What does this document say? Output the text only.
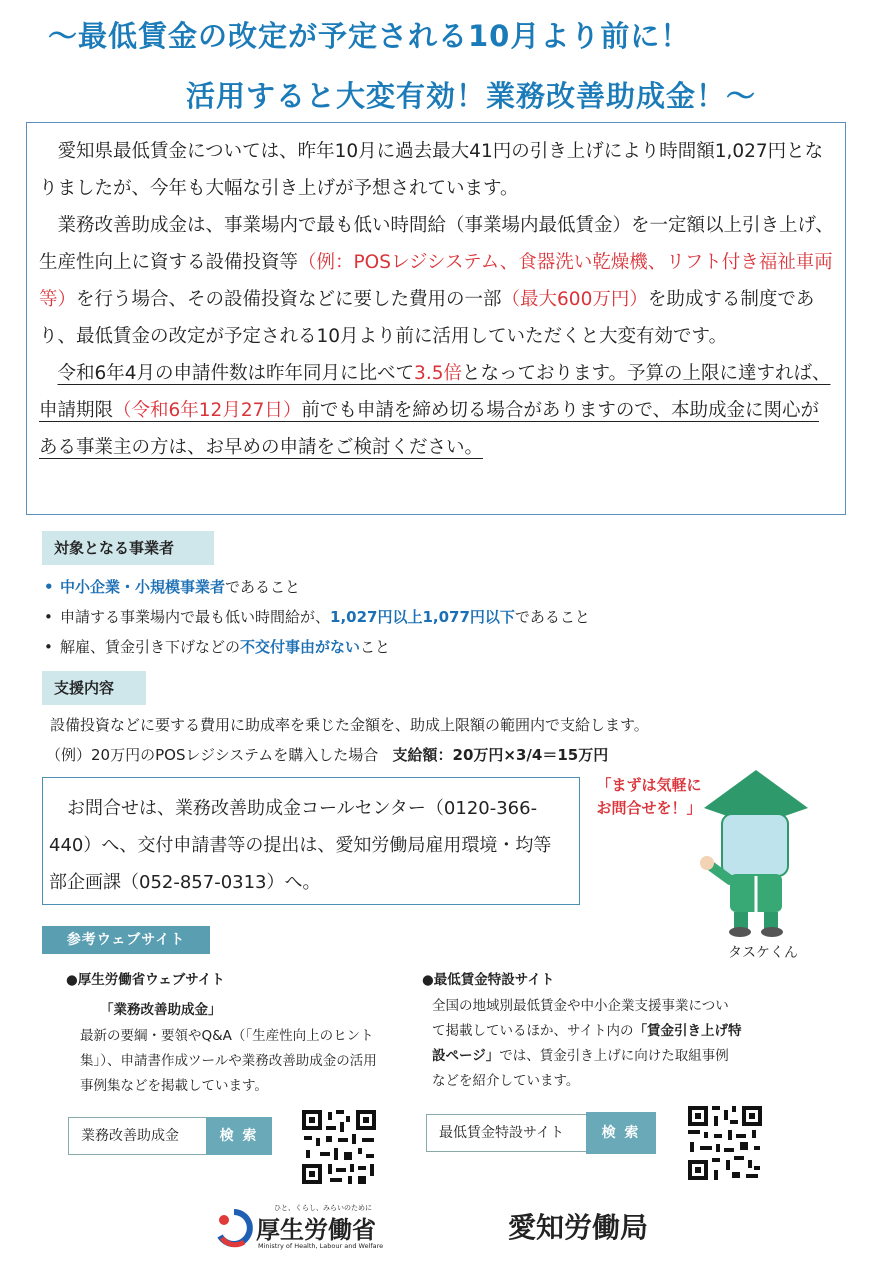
〜最低賃金の改定が予定される10月より前に！
活用すると大変有効！業務改善助成金！〜

愛知県最低賃金については、昨年10月に過去最大41円の引き上げにより時間額1,027円となりましたが、今年も大幅な引き上げが予想されています。

業務改善助成金は、事業場内で最も低い時間給（事業場内最低賃金）を一定額以上引き上げ、生産性向上に資する設備投資等（例：POSレジシステム、食器洗い乾燥機、リフト付き福祉車両等）を行う場合、その設備投資などに要した費用の一部（最大600万円）を助成する制度であり、最低賃金の改定が予定される10月より前に活用していただくと大変有効です。

令和6年4月の申請件数は昨年同月に比べて3.5倍となっております。予算の上限に達すれば、申請期限（令和6年12月27日）前でも申請を締め切る場合がありますので、本助成金に関心がある事業主の方は、お早めの申請をご検討ください。

対象となる事業者
• 中小企業・小規模事業者であること
• 申請する事業場内で最も低い時間給が、1,027円以上1,077円以下であること
• 解雇、賃金引き下げなどの不交付事由がないこと
支援内容
設備投資などに要する費用に助成率を乗じた金額を、助成上限額の範囲内で支給します。
（例）20万円のPOSレジシステムを購入した場合 支給額：20万円×3/4＝15万円

お問合せは、業務改善助成金コールセンター（0120-366-440）へ、交付申請書等の提出は、愛知労働局雇用環境・均等部企画課（052-857-0313）へ。

「まずは気軽に
お問合せを！」
タスケくん
参考ウェブサイト
●厚生労働省ウェブサイト
「業務改善助成金」
最新の要綱・要領やQ&A（「生産性向上のヒント集」）、申請書作成ツールや業務改善助成金の活用事例集などを掲載しています。
業務改善助成金	検 索
●最低賃金特設サイト
全国の地域別最低賃金や中小企業支援事業について掲載しているほか、サイト内の「賃金引き上げ特設ページ」では、賃金引き上げに向けた取組事例などを紹介しています。
最低賃金特設サイト	検 索
ひと、くらし、みらいのために
厚生労働省
Ministry of Health, Labour and Welfare
愛知労働局
